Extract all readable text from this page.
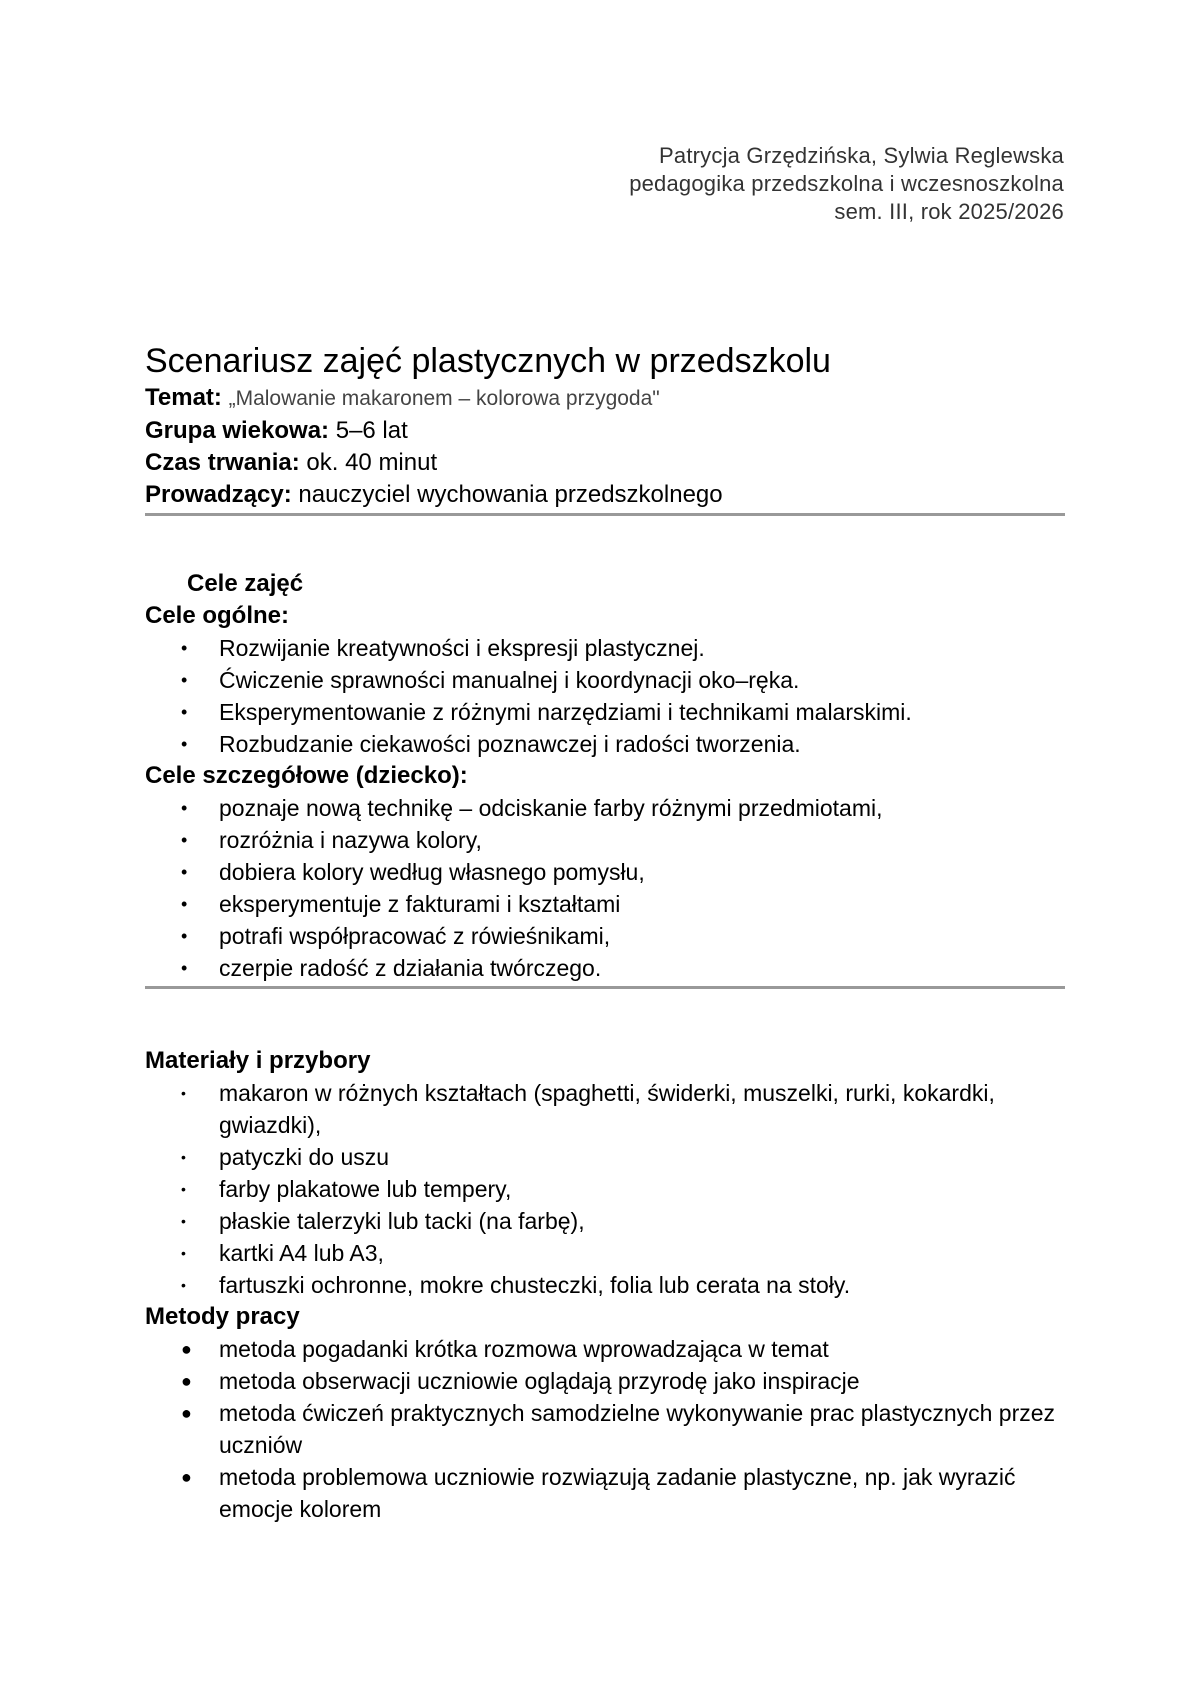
Patrycja Grzędzińska, Sylwia Reglewska
pedagogika przedszkolna i wczesnoszkolna
sem. III, rok 2025/2026
Scenariusz zajęć plastycznych w przedszkolu
Temat: „Malowanie makaronem – kolorowa przygoda"
Grupa wiekowa: 5–6 lat
Czas trwania: ok. 40 minut
Prowadzący: nauczyciel wychowania przedszkolnego
Cele zajęć
Cele ogólne:
• Rozwijanie kreatywności i ekspresji plastycznej.
• Ćwiczenie sprawności manualnej i koordynacji oko–ręka.
• Eksperymentowanie z różnymi narzędziami i technikami malarskimi.
• Rozbudzanie ciekawości poznawczej i radości tworzenia.
Cele szczegółowe (dziecko):
• poznaje nową technikę – odciskanie farby różnymi przedmiotami,
• rozróżnia i nazywa kolory,
• dobiera kolory według własnego pomysłu,
• eksperymentuje z fakturami i kształtami
• potrafi współpracować z rówieśnikami,
• czerpie radość z działania twórczego.
Materiały i przybory
• makaron w różnych kształtach (spaghetti, świderki, muszelki, rurki, kokardki, gwiazdki),
• patyczki do uszu
• farby plakatowe lub tempery,
• płaskie talerzyki lub tacki (na farbę),
• kartki A4 lub A3,
• fartuszki ochronne, mokre chusteczki, folia lub cerata na stoły.
Metody pracy
● metoda pogadanki krótka rozmowa wprowadzająca w temat
● metoda obserwacji uczniowie oglądają przyrodę jako inspiracje
● metoda ćwiczeń praktycznych samodzielne wykonywanie prac plastycznych przez uczniów
● metoda problemowa uczniowie rozwiązują zadanie plastyczne, np. jak wyrazić emocje kolorem
